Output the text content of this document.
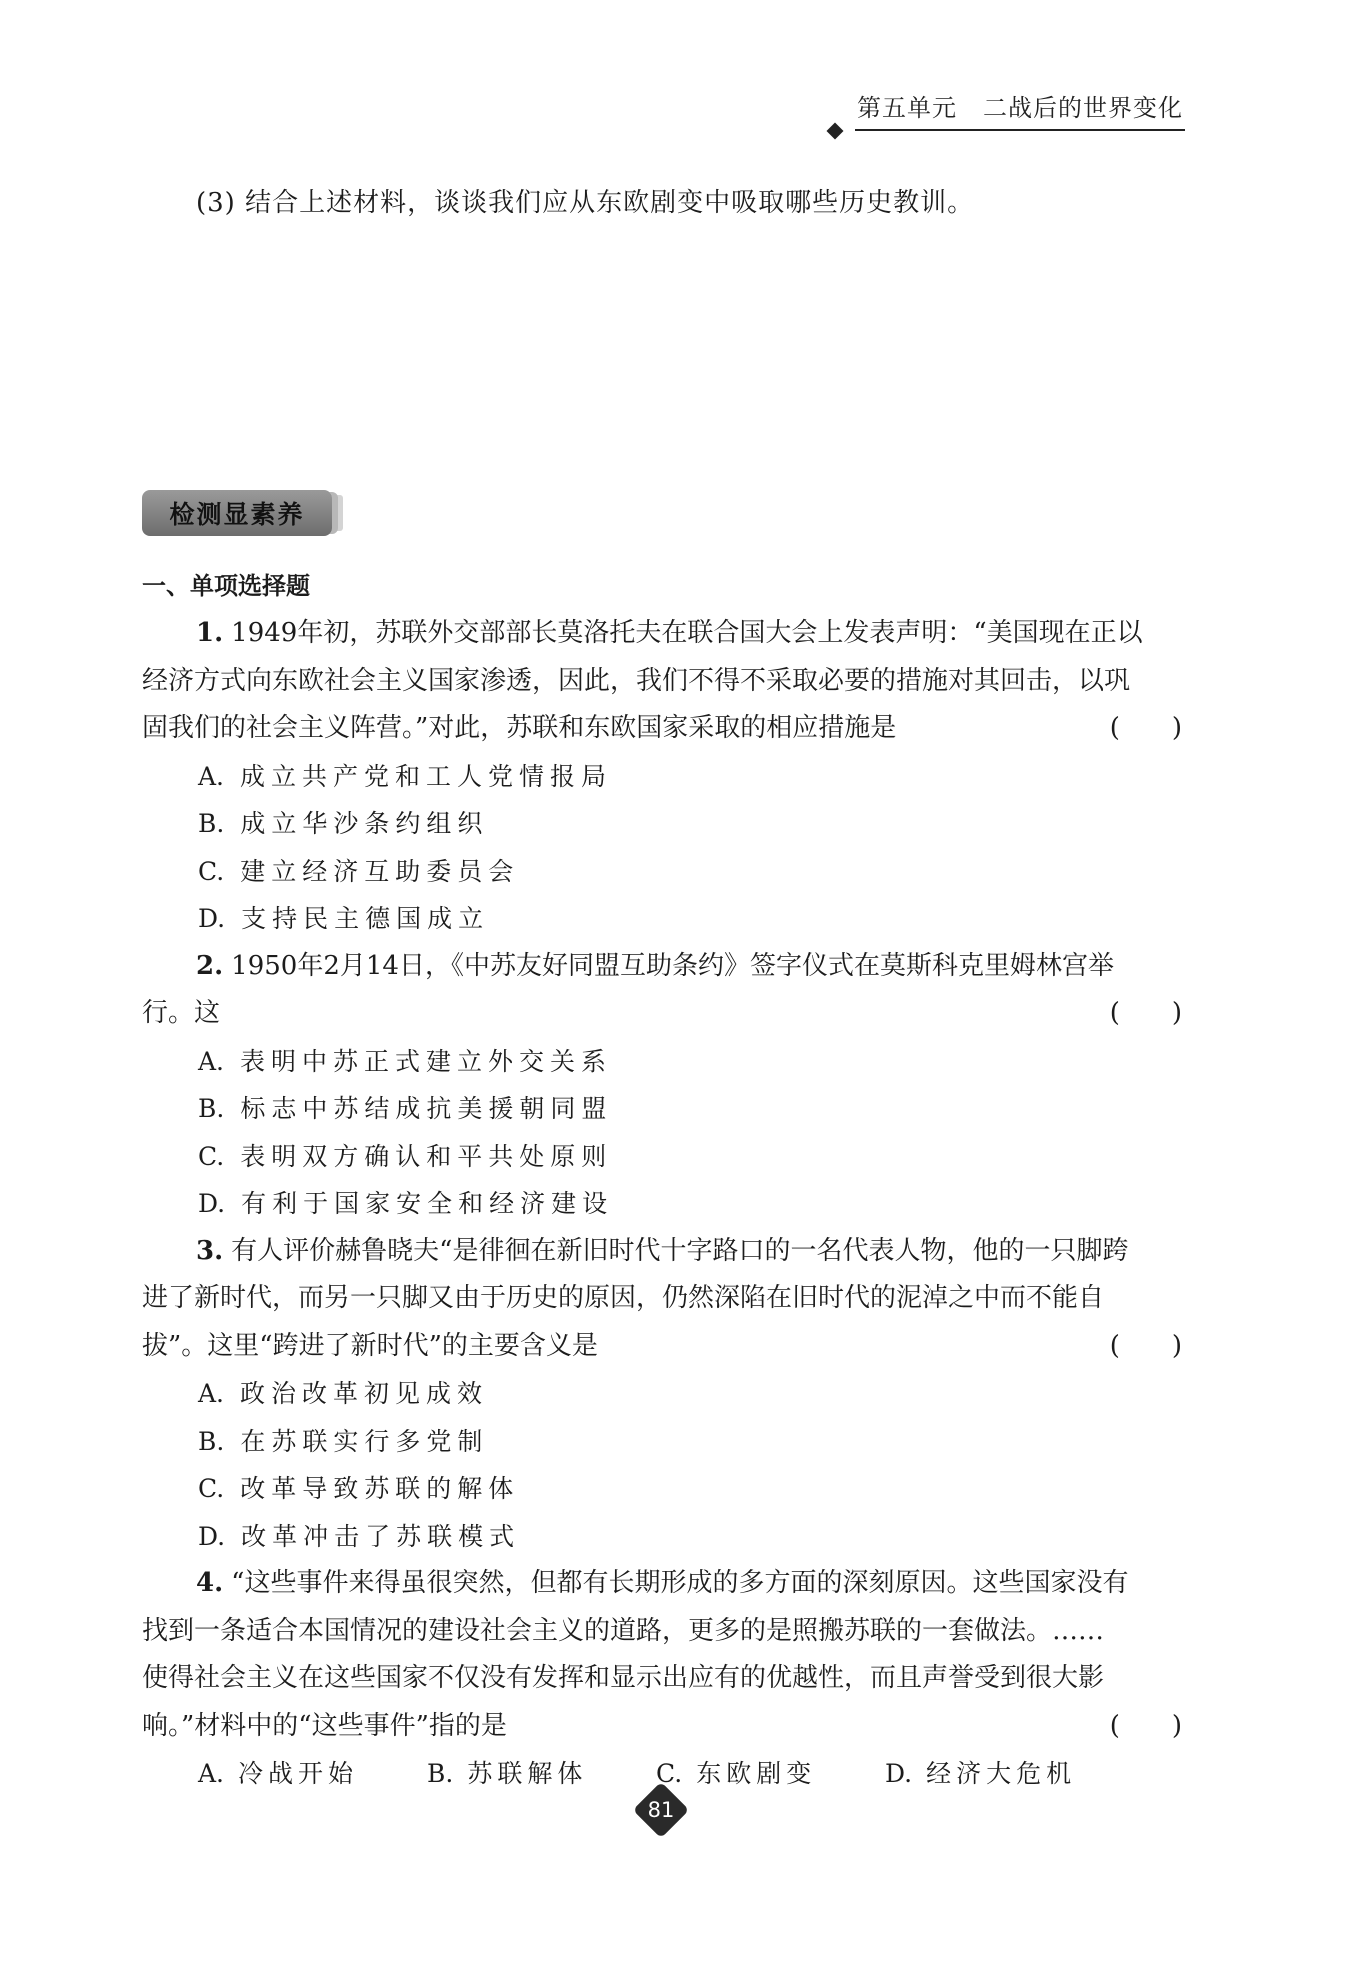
第五单元 二战后的世界变化
(3) 结合上述材料，谈谈我们应从东欧剧变中吸取哪些历史教训。
检测显素养
一、单项选择题
1. 1949年初，苏联外交部部长莫洛托夫在联合国大会上发表声明：“美国现在正以
经济方式向东欧社会主义国家渗透，因此，我们不得不采取必要的措施对其回击，以巩
固我们的社会主义阵营。”对此，苏联和东欧国家采取的相应措施是	(　　)
A. 成立共产党和工人党情报局
B. 成立华沙条约组织
C. 建立经济互助委员会
D. 支持民主德国成立
2. 1950年2月14日，《中苏友好同盟互助条约》签字仪式在莫斯科克里姆林宫举
行。这	(　　)
A. 表明中苏正式建立外交关系
B. 标志中苏结成抗美援朝同盟
C. 表明双方确认和平共处原则
D. 有利于国家安全和经济建设
3. 有人评价赫鲁晓夫“是徘徊在新旧时代十字路口的一名代表人物，他的一只脚跨
进了新时代，而另一只脚又由于历史的原因，仍然深陷在旧时代的泥淖之中而不能自
拔”。这里“跨进了新时代”的主要含义是	(　　)
A. 政治改革初见成效
B. 在苏联实行多党制
C. 改革导致苏联的解体
D. 改革冲击了苏联模式
4. “这些事件来得虽很突然，但都有长期形成的多方面的深刻原因。这些国家没有
找到一条适合本国情况的建设社会主义的道路，更多的是照搬苏联的一套做法。……
使得社会主义在这些国家不仅没有发挥和显示出应有的优越性，而且声誉受到很大影
响。”材料中的“这些事件”指的是	(　　)
A. 冷战开始	B. 苏联解体	C. 东欧剧变	D. 经济大危机
81
